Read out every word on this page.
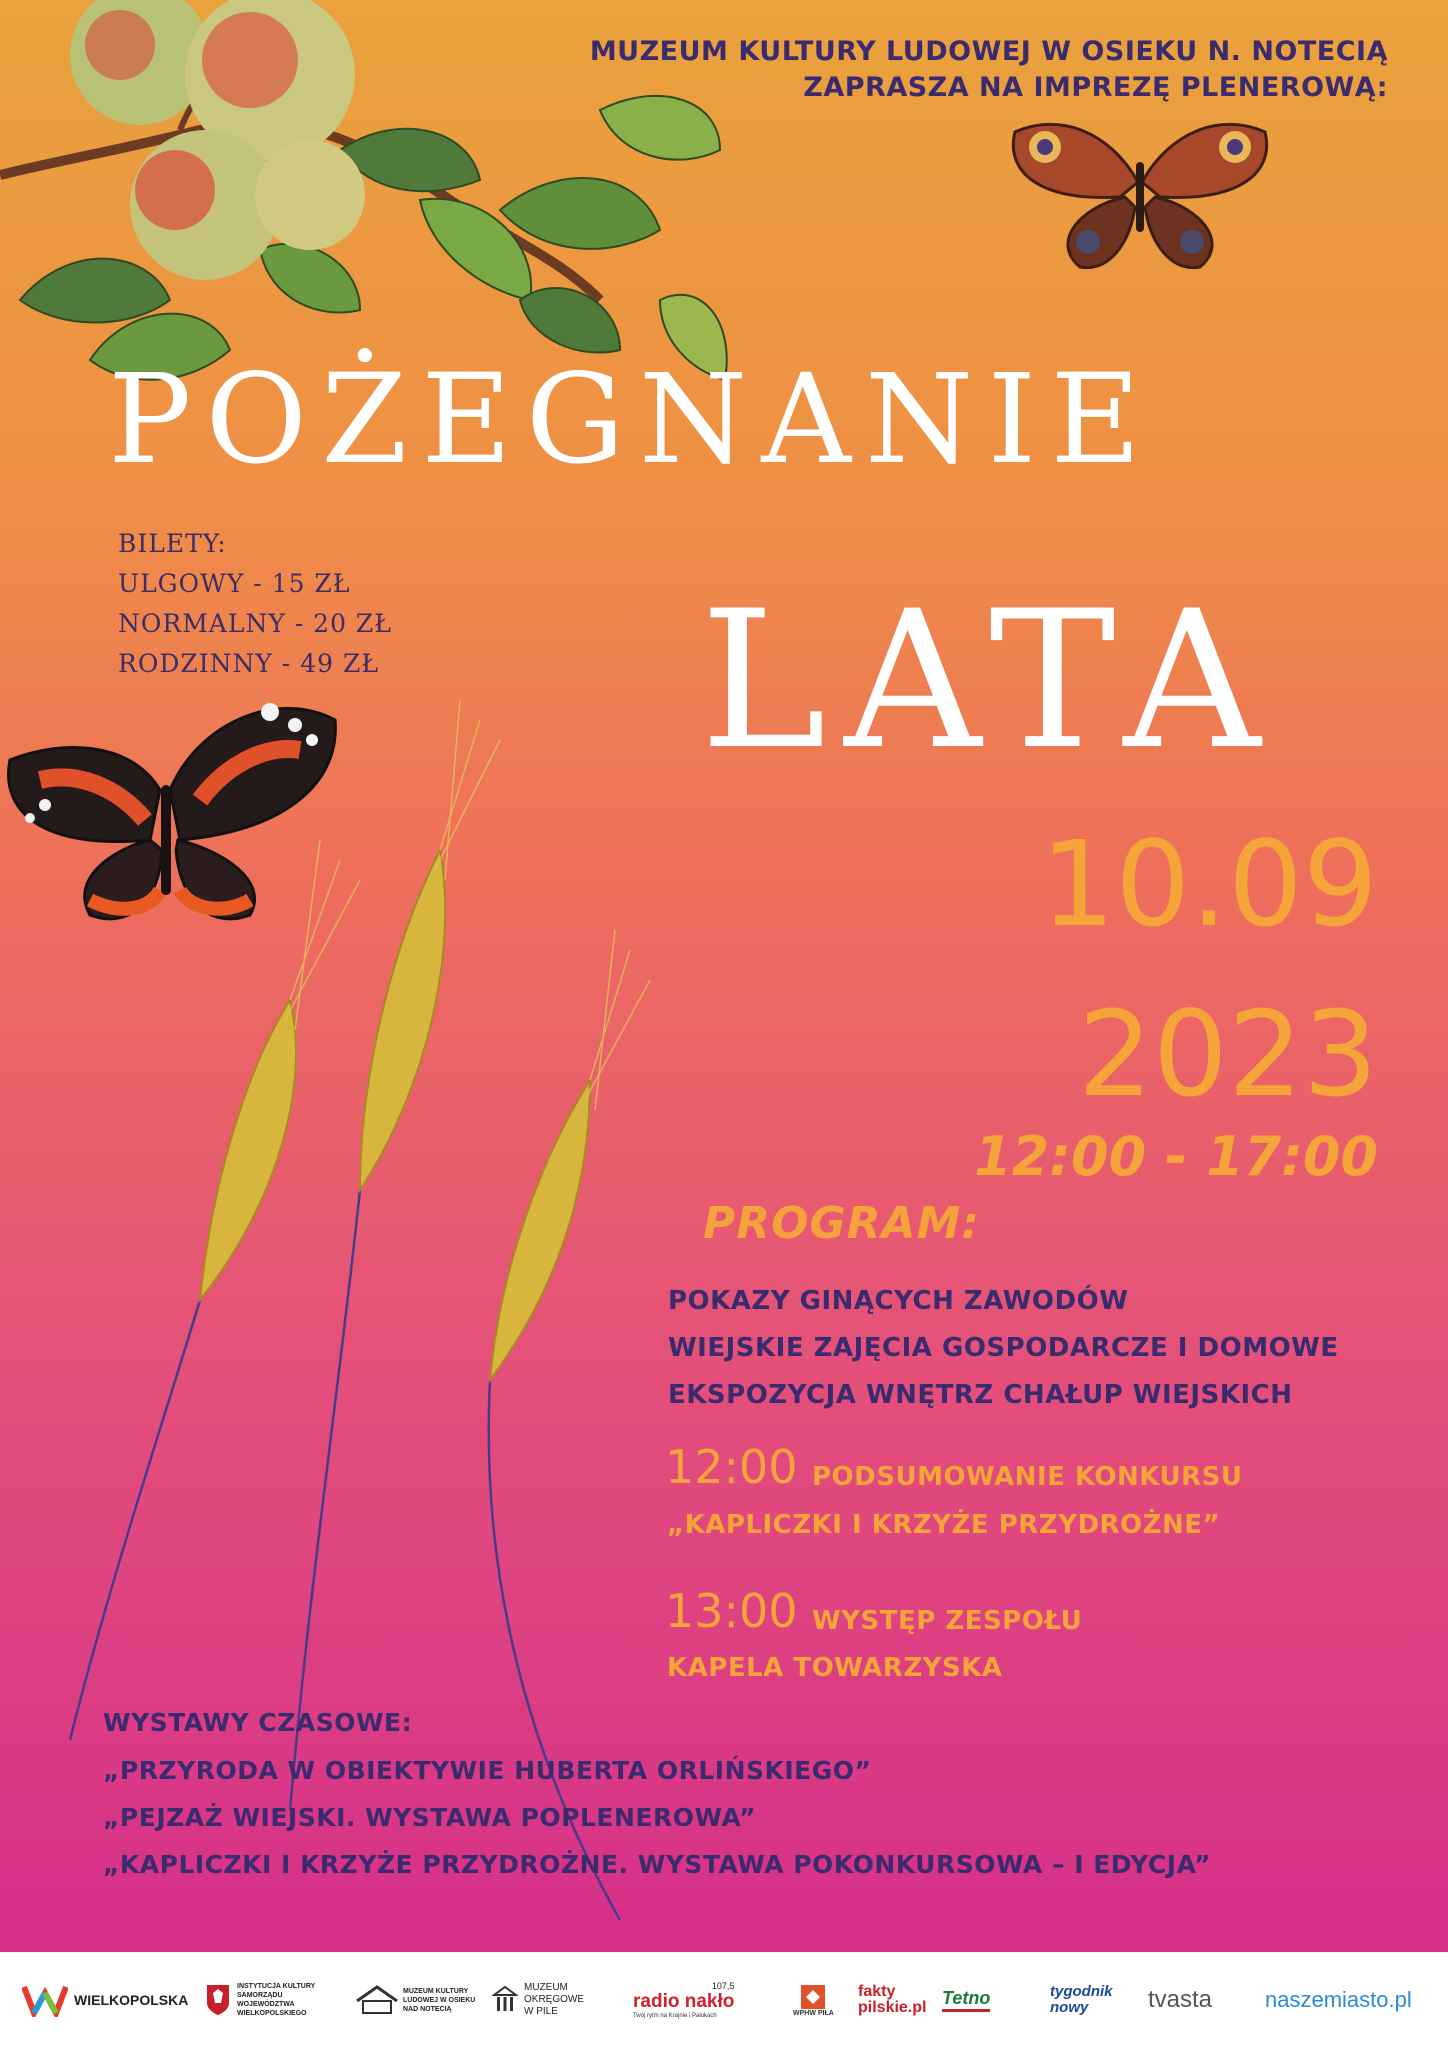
POŻEGNANIE
LATA
MUZEUM KULTURY LUDOWEJ W OSIEKU N. NOTECIĄ
ZAPRASZA NA IMPREZĘ PLENEROWĄ:
BILETY:
ULGOWY - 15 ZŁ
NORMALNY - 20 ZŁ
RODZINNY - 49 ZŁ
10.09
2023
12:00 - 17:00
PROGRAM:
POKAZY GINĄCYCH ZAWODÓW
WIEJSKIE ZAJĘCIA GOSPODARCZE I DOMOWE
EKSPOZYCJA WNĘTRZ CHAŁUP WIEJSKICH
12:00 PODSUMOWANIE KONKURSU
„KAPLICZKI I KRZYŻE PRZYDROŻNE”
13:00 WYSTĘP ZESPOŁU
KAPELA TOWARZYSKA
WYSTAWY CZASOWE:
„PRZYRODA W OBIEKTYWIE HUBERTA ORLIŃSKIEGO”
„PEJZAŻ WIEJSKI. WYSTAWA POPLENEROWA”
„KAPLICZKI I KRZYŻE PRZYDROŻNE. WYSTAWA POKONKURSOWA – I EDYCJA”
WIELKOPOLSKA
INSTYTUCJA KULTURY SAMORZĄDU WOJEWÓDZTWA WIELKOPOLSKIEGO
MUZEUM KULTURY LUDOWEJ W OSIEKU NAD NOTECIĄ
MUZEUM OKRĘGOWE W PILE
107,5
radio nakło
Twój rytm na Krajnie i Pałukach	WPHW PIŁA
fakty pilskie.pl Tetno	tygodnik nowy	tvasta naszemiasto.pl
